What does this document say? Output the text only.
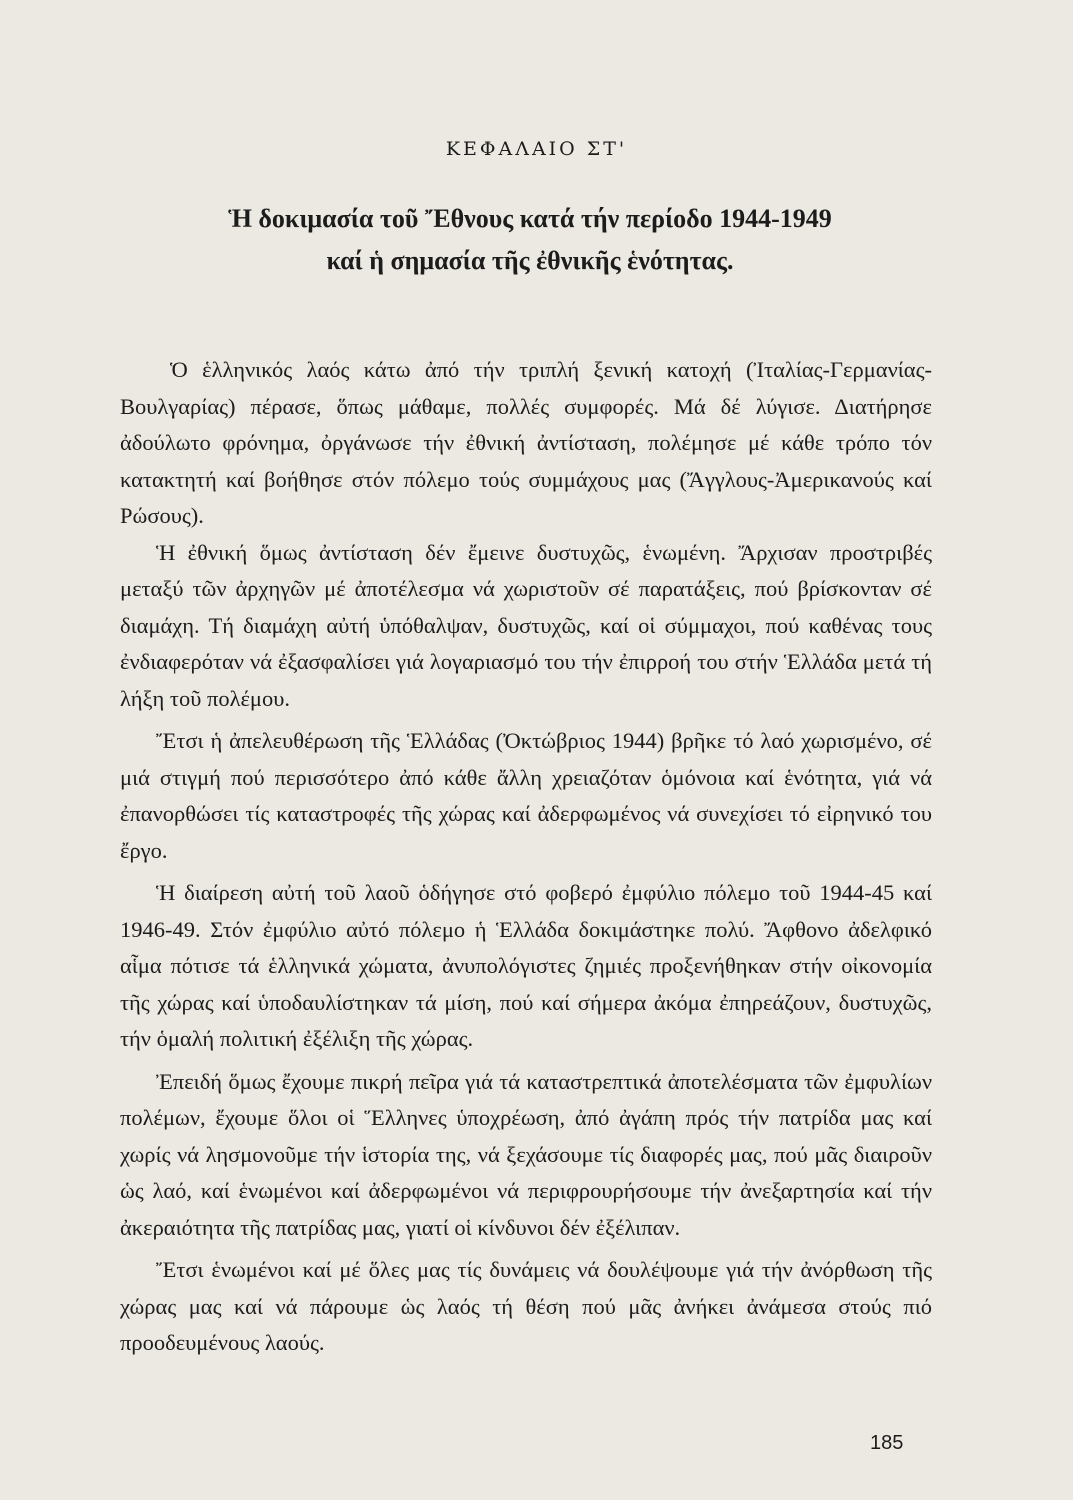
ΚΕΦΑΛΑΙΟ ΣΤ'
Ἡ δοκιμασία τοῦ Ἔθνους κατά τήν περίοδο 1944-1949
καί ἡ σημασία τῆς ἐθνικῆς ἑνότητας.

Ὁ ἑλληνικός λαός κάτω ἀπό τήν τριπλή ξενική κατοχή (Ἰταλίας-Γερμανίας-Βουλγαρίας) πέρασε, ὅπως μάθαμε, πολλές συμφορές. Μά δέ λύγισε. Διατήρησε ἀδούλωτο φρόνημα, ὀργάνωσε τήν ἐθνική ἀντίσταση, πολέμησε μέ κάθε τρόπο τόν κατακτητή καί βοήθησε στόν πόλεμο τούς συμμάχους μας (Ἄγγλους-Ἀμερικανούς καί Ρώσους).

Ἡ ἐθνική ὅμως ἀντίσταση δέν ἔμεινε δυστυχῶς, ἑνωμένη. Ἄρχισαν προστριβές μεταξύ τῶν ἀρχηγῶν μέ ἀποτέλεσμα νά χωριστοῦν σέ παρατάξεις, πού βρίσκονταν σέ διαμάχη. Τή διαμάχη αὐτή ὑπόθαλψαν, δυστυχῶς, καί οἱ σύμμαχοι, πού καθένας τους ἐνδιαφερόταν νά ἐξασφαλίσει γιά λογαριασμό του τήν ἐπιρροή του στήν Ἑλλάδα μετά τή λήξη τοῦ πολέμου.

Ἔτσι ἡ ἀπελευθέρωση τῆς Ἑλλάδας (Ὀκτώβριος 1944) βρῆκε τό λαό χωρισμένο, σέ μιά στιγμή πού περισσότερο ἀπό κάθε ἄλλη χρειαζόταν ὁμόνοια καί ἑνότητα, γιά νά ἐπανορθώσει τίς καταστροφές τῆς χώρας καί ἀδερφωμένος νά συνεχίσει τό εἰρηνικό του ἔργο.

Ἡ διαίρεση αὐτή τοῦ λαοῦ ὁδήγησε στό φοβερό ἐμφύλιο πόλεμο τοῦ 1944-45 καί 1946-49. Στόν ἐμφύλιο αὐτό πόλεμο ἡ Ἑλλάδα δοκιμάστηκε πολύ. Ἄφθονο ἀδελφικό αἷμα πότισε τά ἑλληνικά χώματα, ἀνυπολόγιστες ζημιές προξενήθηκαν στήν οἰκονομία τῆς χώρας καί ὑποδαυλίστηκαν τά μίση, πού καί σήμερα ἀκόμα ἐπηρεάζουν, δυστυχῶς, τήν ὁμαλή πολιτική ἐξέλιξη τῆς χώρας.

Ἐπειδή ὅμως ἔχουμε πικρή πεῖρα γιά τά καταστρεπτικά ἀποτελέσματα τῶν ἐμφυλίων πολέμων, ἔχουμε ὅλοι οἱ Ἕλληνες ὑποχρέωση, ἀπό ἀγάπη πρός τήν πατρίδα μας καί χωρίς νά λησμονοῦμε τήν ἱστορία της, νά ξεχάσουμε τίς διαφορές μας, πού μᾶς διαιροῦν ὡς λαό, καί ἑνωμένοι καί ἀδερφωμένοι νά περιφρουρήσουμε τήν ἀνεξαρτησία καί τήν ἀκεραιότητα τῆς πατρίδας μας, γιατί οἱ κίνδυνοι δέν ἐξέλιπαν.

Ἔτσι ἑνωμένοι καί μέ ὅλες μας τίς δυνάμεις νά δουλέψουμε γιά τήν ἀνόρθωση τῆς χώρας μας καί νά πάρουμε ὡς λαός τή θέση πού μᾶς ἀνήκει ἀνάμεσα στούς πιό προοδευμένους λαούς.

185
